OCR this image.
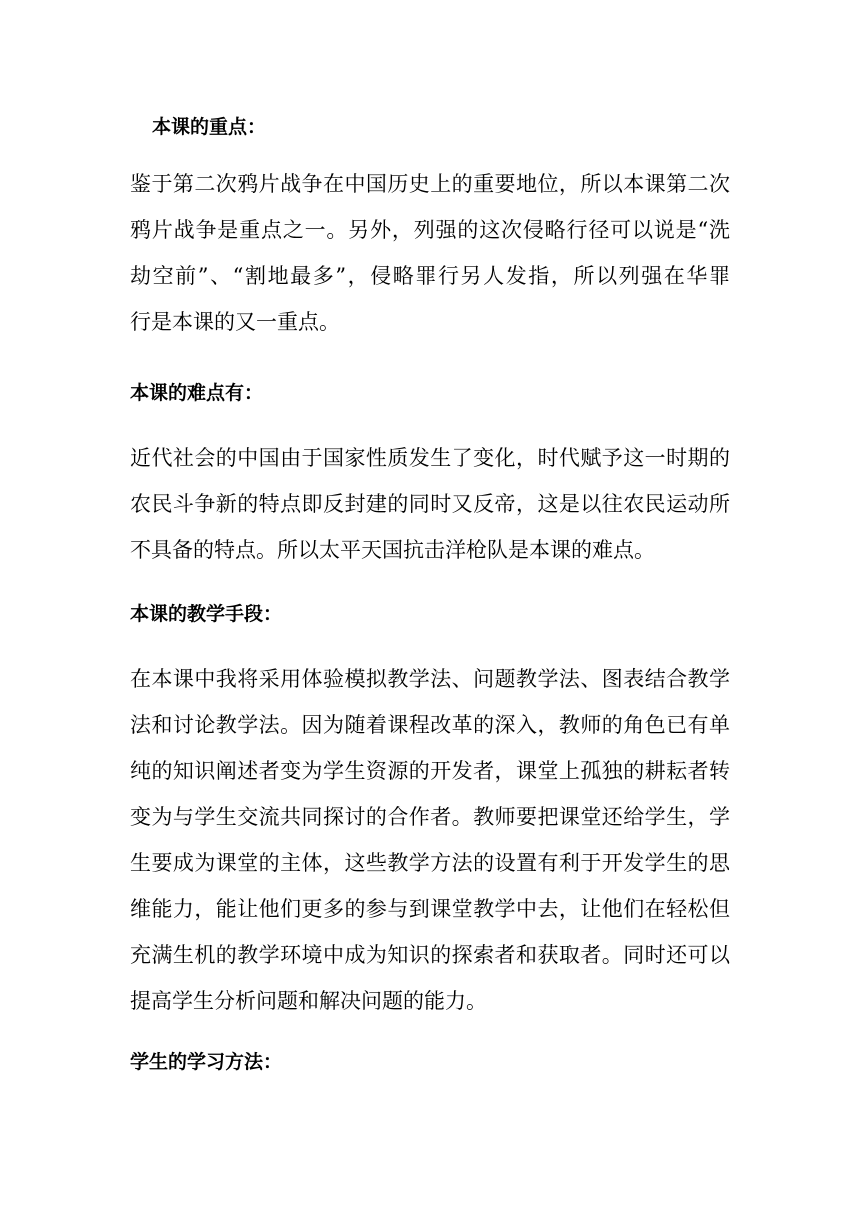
本课的重点：
鉴于第二次鸦片战争在中国历史上的重要地位，所以本课第二次
鸦片战争是重点之一。另外，列强的这次侵略行径可以说是“洗
劫空前”、“割地最多”，侵略罪行另人发指，所以列强在华罪
行是本课的又一重点。
本课的难点有：
近代社会的中国由于国家性质发生了变化，时代赋予这一时期的
农民斗争新的特点即反封建的同时又反帝，这是以往农民运动所
不具备的特点。所以太平天国抗击洋枪队是本课的难点。
本课的教学手段：
在本课中我将采用体验模拟教学法、问题教学法、图表结合教学
法和讨论教学法。因为随着课程改革的深入，教师的角色已有单
纯的知识阐述者变为学生资源的开发者，课堂上孤独的耕耘者转
变为与学生交流共同探讨的合作者。教师要把课堂还给学生，学
生要成为课堂的主体，这些教学方法的设置有利于开发学生的思
维能力，能让他们更多的参与到课堂教学中去，让他们在轻松但
充满生机的教学环境中成为知识的探索者和获取者。同时还可以
提高学生分析问题和解决问题的能力。
学生的学习方法：
